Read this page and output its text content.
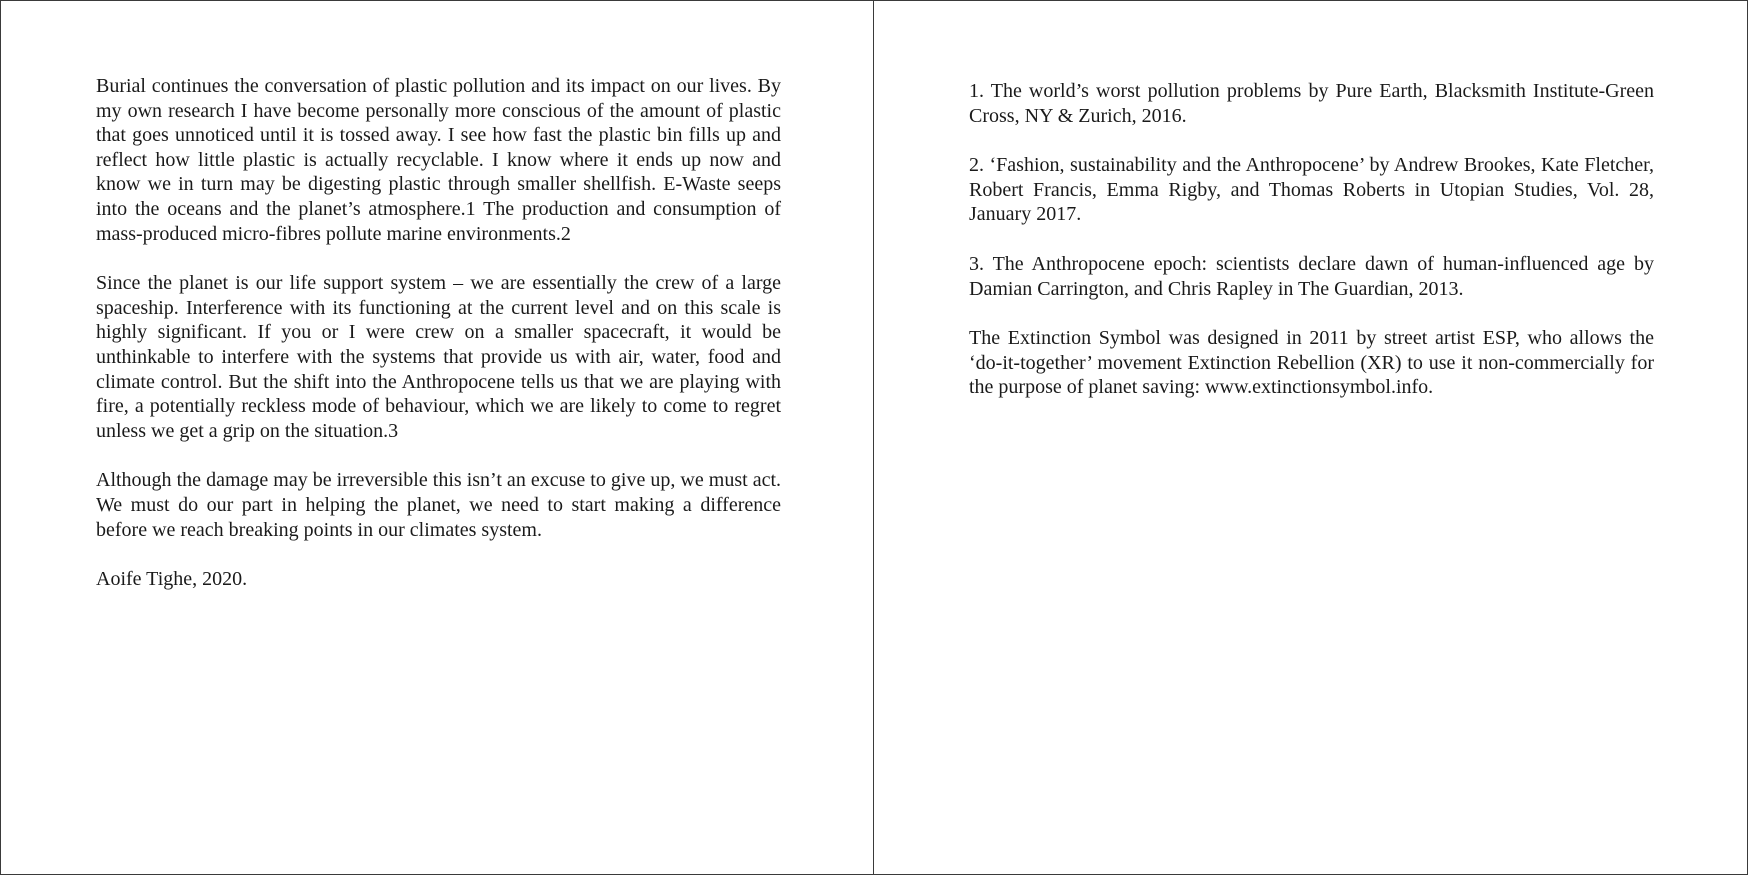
Burial continues the conversation of plastic pollution and its impact on our lives. By my own research I have become personally more conscious of the amount of plastic that goes unnoticed until it is tossed away. I see how fast the plastic bin fills up and reflect how little plastic is actually recyclable. I know where it ends up now and know we in turn may be digesting plastic through smaller shellfish. E-Waste seeps into the oceans and the planet’s atmosphere.1 The production and consumption of mass-produced micro-fibres pollute marine environments.2

Since the planet is our life support system – we are essentially the crew of a large spaceship. Interference with its functioning at the current level and on this scale is highly significant. If you or I were crew on a smaller spacecraft, it would be unthinkable to interfere with the systems that provide us with air, water, food and climate control. But the shift into the Anthropocene tells us that we are playing with fire, a potentially reckless mode of behaviour, which we are likely to come to regret unless we get a grip on the situation.3

Although the damage may be irreversible this isn’t an excuse to give up, we must act. We must do our part in helping the planet, we need to start making a difference before we reach breaking points in our climates system.

Aoife Tighe, 2020.

1. The world’s worst pollution problems by Pure Earth, Blacksmith Institute-Green Cross, NY & Zurich, 2016.

2. ‘Fashion, sustainability and the Anthropocene’ by Andrew Brookes, Kate Fletcher, Robert Francis, Emma Rigby, and Thomas Roberts in Utopian Studies, Vol. 28, January 2017.

3. The Anthropocene epoch: scientists declare dawn of human-influenced age by Damian Carrington, and Chris Rapley in The Guardian, 2013.

The Extinction Symbol was designed in 2011 by street artist ESP, who allows the ‘do-it-together’ movement Extinction Rebellion (XR) to use it non-commercially for the purpose of planet saving: www.extinctionsymbol.info.
